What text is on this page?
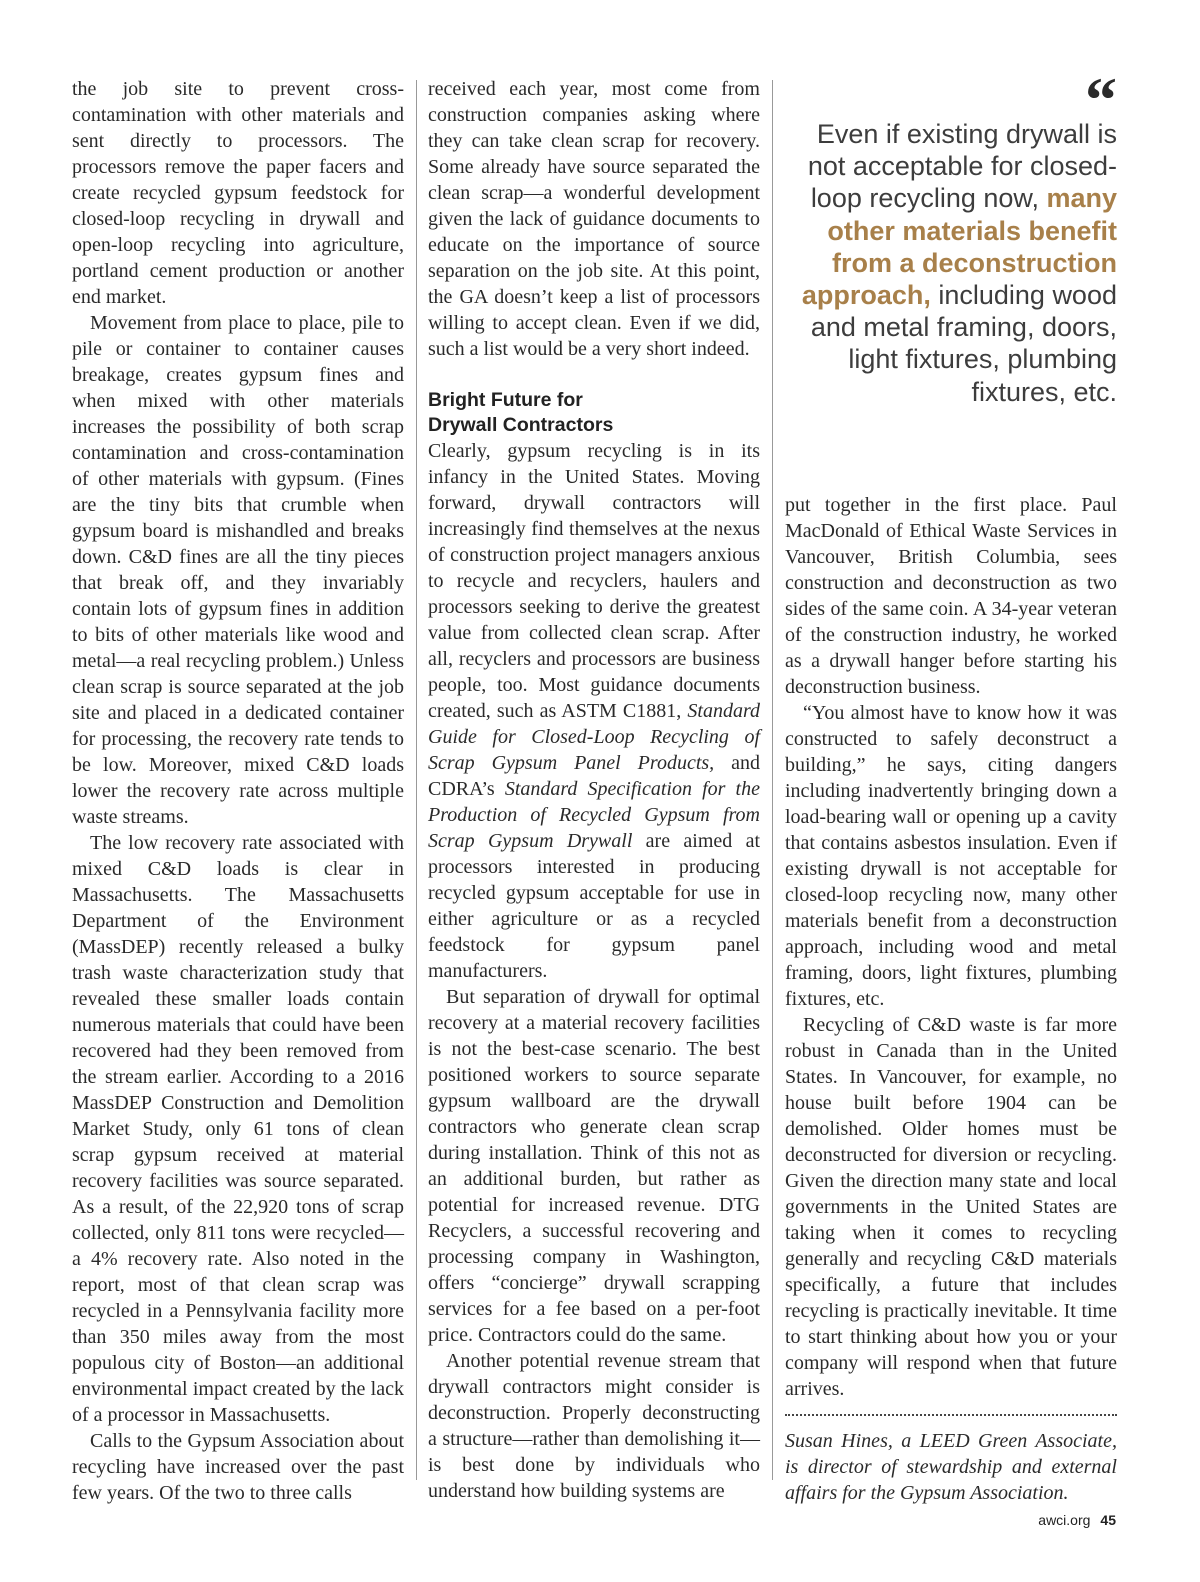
the job site to prevent cross-contamination with other materials and sent directly to processors. The processors remove the paper facers and create recycled gypsum feedstock for closed-loop recycling in drywall and open-loop recycling into agriculture, portland cement production or another end market.

Movement from place to place, pile to pile or container to container causes breakage, creates gypsum fines and when mixed with other materials increases the possibility of both scrap contamination and cross-contamination of other materials with gypsum. (Fines are the tiny bits that crumble when gypsum board is mishandled and breaks down. C&D fines are all the tiny pieces that break off, and they invariably contain lots of gypsum fines in addition to bits of other materials like wood and metal—a real recycling problem.) Unless clean scrap is source separated at the job site and placed in a dedicated container for processing, the recovery rate tends to be low. Moreover, mixed C&D loads lower the recovery rate across multiple waste streams.

The low recovery rate associated with mixed C&D loads is clear in Massachusetts. The Massachusetts Department of the Environment (MassDEP) recently released a bulky trash waste characterization study that revealed these smaller loads contain numerous materials that could have been recovered had they been removed from the stream earlier. According to a 2016 MassDEP Construction and Demolition Market Study, only 61 tons of clean scrap gypsum received at material recovery facilities was source separated. As a result, of the 22,920 tons of scrap collected, only 811 tons were recycled—a 4% recovery rate. Also noted in the report, most of that clean scrap was recycled in a Pennsylvania facility more than 350 miles away from the most populous city of Boston—an additional environmental impact created by the lack of a processor in Massachusetts.

Calls to the Gypsum Association about recycling have increased over the past few years. Of the two to three calls

received each year, most come from construction companies asking where they can take clean scrap for recovery. Some already have source separated the clean scrap—a wonderful development given the lack of guidance documents to educate on the importance of source separation on the job site. At this point, the GA doesn’t keep a list of processors willing to accept clean. Even if we did, such a list would be a very short indeed.

Bright Future for
Drywall Contractors

Clearly, gypsum recycling is in its infancy in the United States. Moving forward, drywall contractors will increasingly find themselves at the nexus of construction project managers anxious to recycle and recyclers, haulers and processors seeking to derive the greatest value from collected clean scrap. After all, recyclers and processors are business people, too. Most guidance documents created, such as ASTM C1881, Standard Guide for Closed-Loop Recycling of Scrap Gypsum Panel Products, and CDRA’s Standard Specification for the Production of Recycled Gypsum from Scrap Gypsum Drywall are aimed at processors interested in producing recycled gypsum acceptable for use in either agriculture or as a recycled feedstock for gypsum panel manufacturers.

But separation of drywall for optimal recovery at a material recovery facilities is not the best-case scenario. The best positioned workers to source separate gypsum wallboard are the drywall contractors who generate clean scrap during installation. Think of this not as an additional burden, but rather as potential for increased revenue. DTG Recyclers, a successful recovering and processing company in Washington, offers “concierge” drywall scrapping services for a fee based on a per-foot price. Contractors could do the same.

Another potential revenue stream that drywall contractors might consider is deconstruction. Properly deconstructing a structure—rather than demolishing it—is best done by individuals who understand how building systems are

“
Even if existing drywall is not acceptable for closed-loop recycling now, many other materials benefit from a deconstruction approach, including wood and metal framing, doors, light fixtures, plumbing fixtures, etc.

put together in the first place. Paul MacDonald of Ethical Waste Services in Vancouver, British Columbia, sees construction and deconstruction as two sides of the same coin. A 34-year veteran of the construction industry, he worked as a drywall hanger before starting his deconstruction business.

“You almost have to know how it was constructed to safely deconstruct a building,” he says, citing dangers including inadvertently bringing down a load-bearing wall or opening up a cavity that contains asbestos insulation. Even if existing drywall is not acceptable for closed-loop recycling now, many other materials benefit from a deconstruction approach, including wood and metal framing, doors, light fixtures, plumbing fixtures, etc.

Recycling of C&D waste is far more robust in Canada than in the United States. In Vancouver, for example, no house built before 1904 can be demolished. Older homes must be deconstructed for diversion or recycling. Given the direction many state and local governments in the United States are taking when it comes to recycling generally and recycling C&D materials specifically, a future that includes recycling is practically inevitable. It time to start thinking about how you or your company will respond when that future arrives.

Susan Hines, a LEED Green Associate, is director of stewardship and external affairs for the Gypsum Association.

awci.org 45
